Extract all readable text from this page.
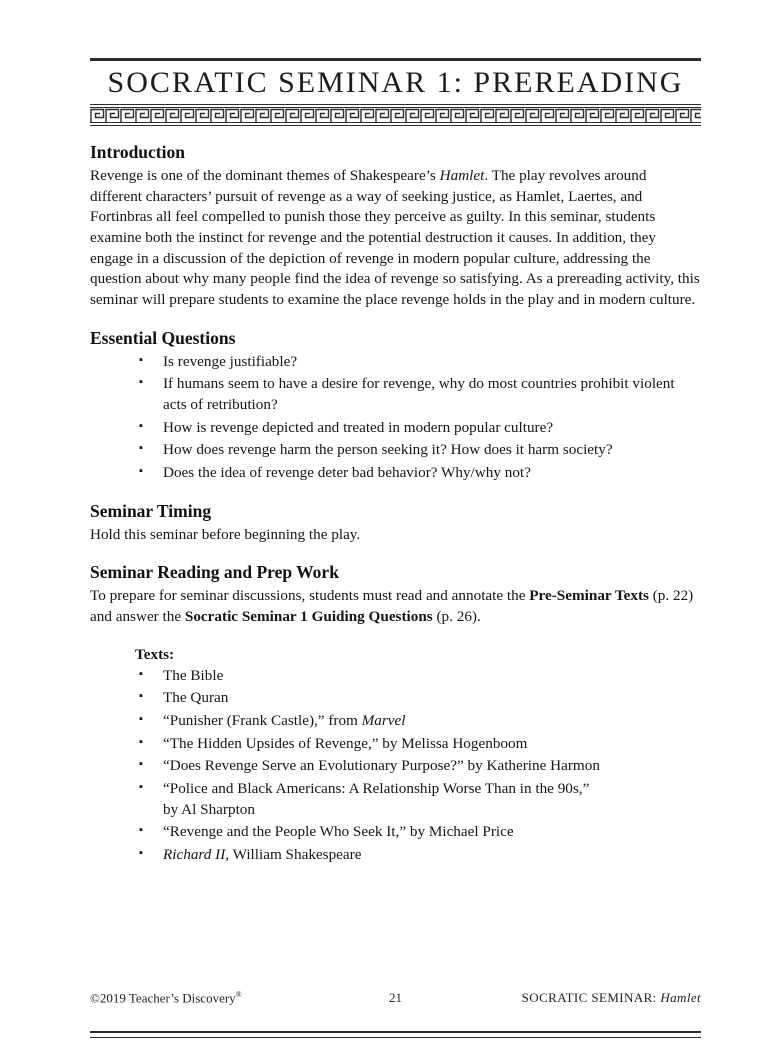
SOCRATIC SEMINAR 1: PREREADING
Introduction

Revenge is one of the dominant themes of Shakespeare’s Hamlet. The play revolves around different characters’ pursuit of revenge as a way of seeking justice, as Hamlet, Laertes, and Fortinbras all feel compelled to punish those they perceive as guilty. In this seminar, students examine both the instinct for revenge and the potential destruction it causes. In addition, they engage in a discussion of the depiction of revenge in modern popular culture, addressing the question about why many people find the idea of revenge so satisfying. As a prereading activity, this seminar will prepare students to examine the place revenge holds in the play and in modern culture.

Essential Questions
▪ Is revenge justifiable?
▪ If humans seem to have a desire for revenge, why do most countries prohibit violent acts of retribution?
▪ How is revenge depicted and treated in modern popular culture?
▪ How does revenge harm the person seeking it? How does it harm society?
▪ Does the idea of revenge deter bad behavior? Why/why not?
Seminar Timing

Hold this seminar before beginning the play.

Seminar Reading and Prep Work

To prepare for seminar discussions, students must read and annotate the Pre-Seminar Texts (p. 22) and answer the Socratic Seminar 1 Guiding Questions (p. 26).

Texts:
▪ The Bible
▪ The Quran
▪ “Punisher (Frank Castle),” from Marvel
▪ “The Hidden Upsides of Revenge,” by Melissa Hogenboom
▪ “Does Revenge Serve an Evolutionary Purpose?” by Katherine Harmon
▪ “Police and Black Americans: A Relationship Worse Than in the 90s,”
by Al Sharpton
▪ “Revenge and the People Who Seek It,” by Michael Price
▪ Richard II, William Shakespeare
©2019 Teacher’s Discovery®	21	SOCRATIC SEMINAR: Hamlet
